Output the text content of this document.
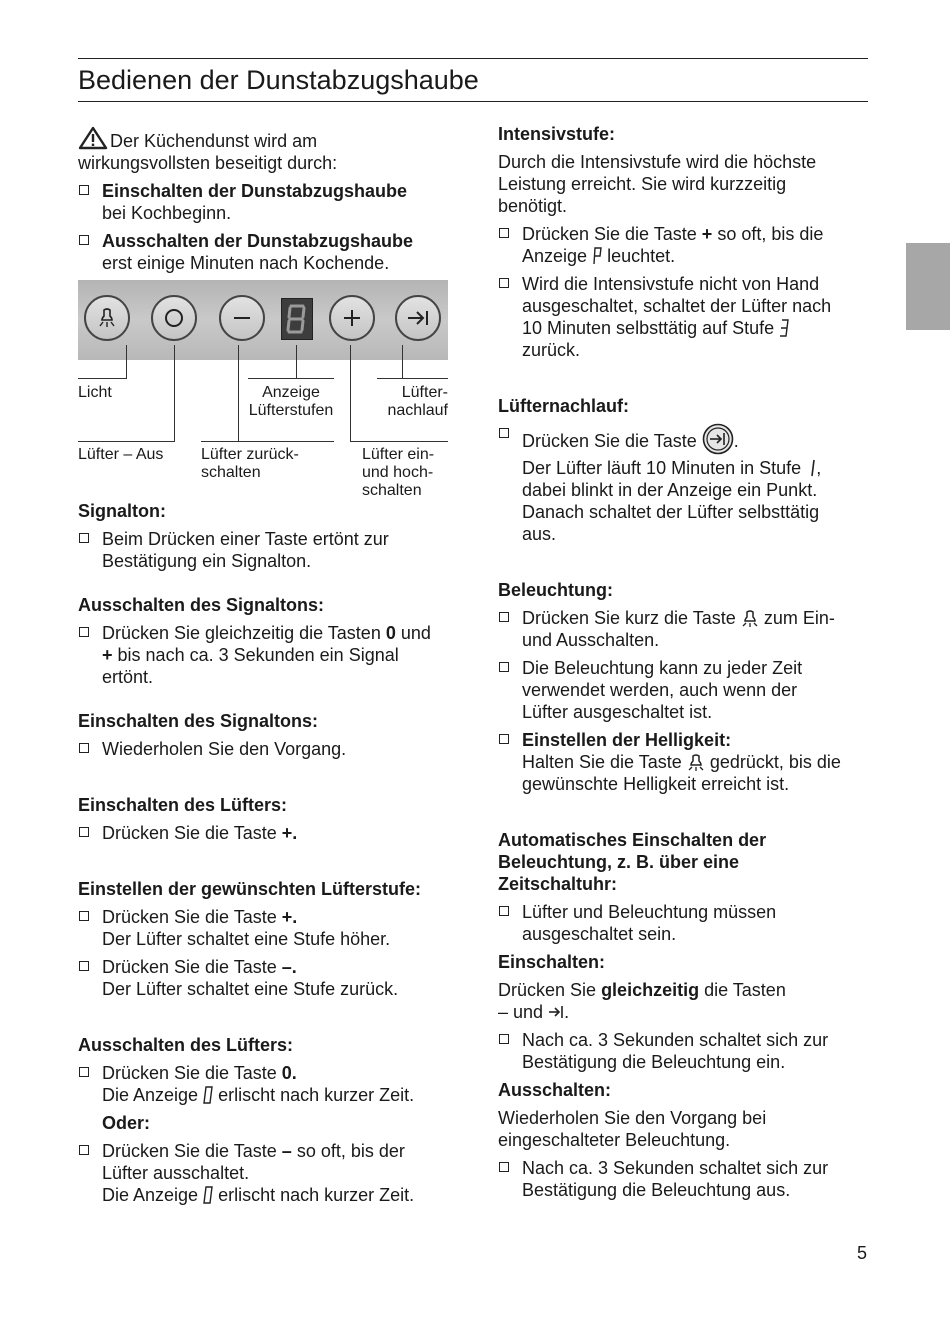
Bedienen der Dunstabzugshaube

Der Küchendunst wird am
wirkungsvollsten beseitigt durch:

Einschalten der Dunstabzugshaube
bei Kochbeginn.

Ausschalten der Dunstabzugshaube
erst einige Minuten nach Kochende.

Licht	Anzeige
Lüfterstufen
Lüfter-
nachlauf
Lüfter – Aus Lüfter zurück-
schalten
Lüfter ein-
und hoch-
schalten

Signalton:

Beim Drücken einer Taste ertönt zur
Bestätigung ein Signalton.

Ausschalten des Signaltons:

Drücken Sie gleichzeitig die Tasten 0 und
+ bis nach ca. 3 Sekunden ein Signal
ertönt.

Einschalten des Signaltons:

Wiederholen Sie den Vorgang.

Einschalten des Lüfters:

Drücken Sie die Taste +.

Einstellen der gewünschten Lüfterstufe:

Drücken Sie die Taste +.
Der Lüfter schaltet eine Stufe höher.

Drücken Sie die Taste –.
Der Lüfter schaltet eine Stufe zurück.

Ausschalten des Lüfters:

Drücken Sie die Taste 0.
Die Anzeige erlischt nach kurzer Zeit.

Oder:

Drücken Sie die Taste – so oft, bis der
Lüfter ausschaltet.
Die Anzeige erlischt nach kurzer Zeit.

Intensivstufe:

Durch die Intensivstufe wird die höchste
Leistung erreicht. Sie wird kurzzeitig
benötigt.

Drücken Sie die Taste + so oft, bis die
Anzeige leuchtet.

Wird die Intensivstufe nicht von Hand
ausgeschaltet, schaltet der Lüfter nach
10 Minuten selbsttätig auf Stufe
zurück.

Lüfternachlauf:

Drücken Sie die Taste .

Der Lüfter läuft 10 Minuten in Stufe ,
dabei blinkt in der Anzeige ein Punkt.
Danach schaltet der Lüfter selbsttätig
aus.

Beleuchtung:

Drücken Sie kurz die Taste zum Ein-
und Ausschalten.

Die Beleuchtung kann zu jeder Zeit
verwendet werden, auch wenn der
Lüfter ausgeschaltet ist.

Einstellen der Helligkeit:
Halten Sie die Taste gedrückt, bis die
gewünschte Helligkeit erreicht ist.

Automatisches Einschalten der
Beleuchtung, z. B. über eine
Zeitschaltuhr:

Lüfter und Beleuchtung müssen
ausgeschaltet sein.

Einschalten:

Drücken Sie gleichzeitig die Tasten
– und .

Nach ca. 3 Sekunden schaltet sich zur
Bestätigung die Beleuchtung ein.

Ausschalten:

Wiederholen Sie den Vorgang bei
eingeschalteter Beleuchtung.

Nach ca. 3 Sekunden schaltet sich zur
Bestätigung die Beleuchtung aus.

5
